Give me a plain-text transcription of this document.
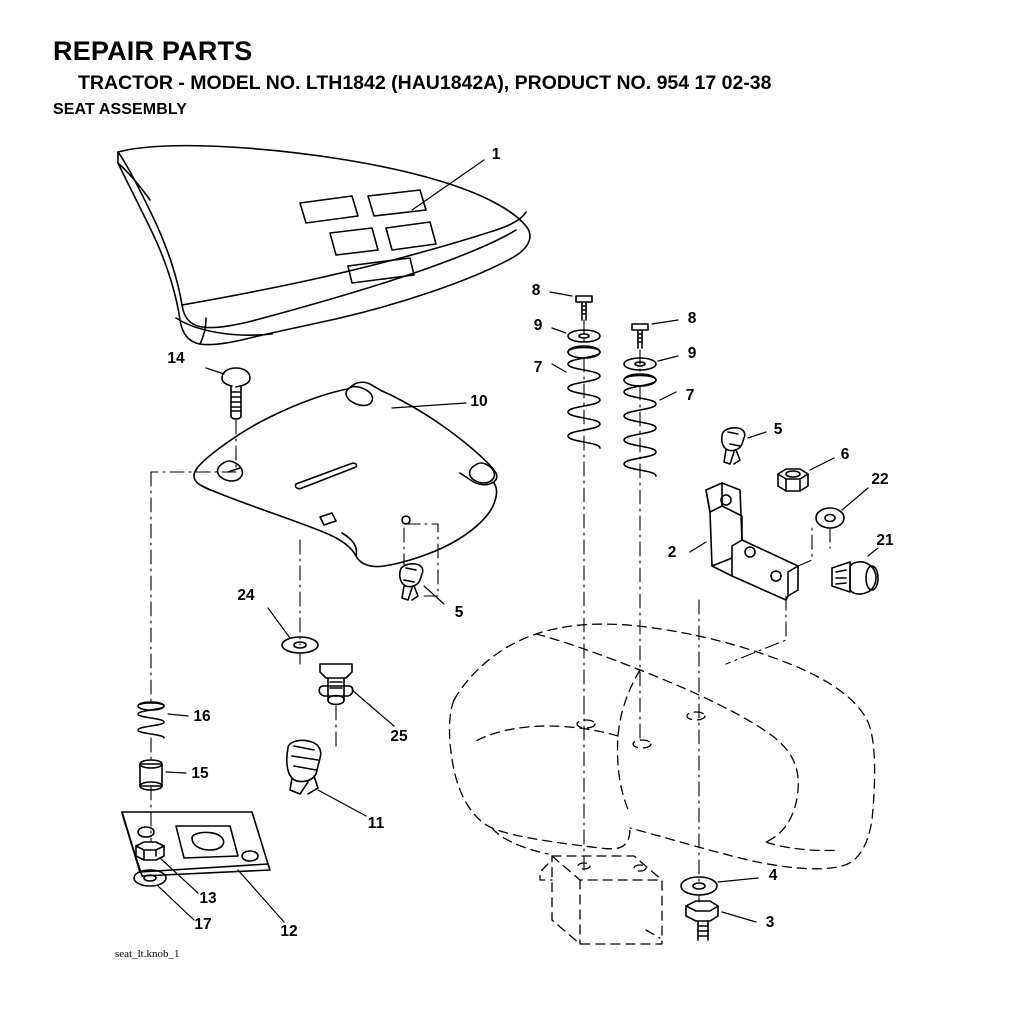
REPAIR PARTS
TRACTOR - MODEL NO. LTH1842 (HAU1842A), PRODUCT NO. 954 17 02-38
SEAT ASSEMBLY
seat_lt.knob_1
1
8
9
7
8
9
7
5
6
22
2
21
14
10
24
5
25
16
15
11
13
17	12
4
3
